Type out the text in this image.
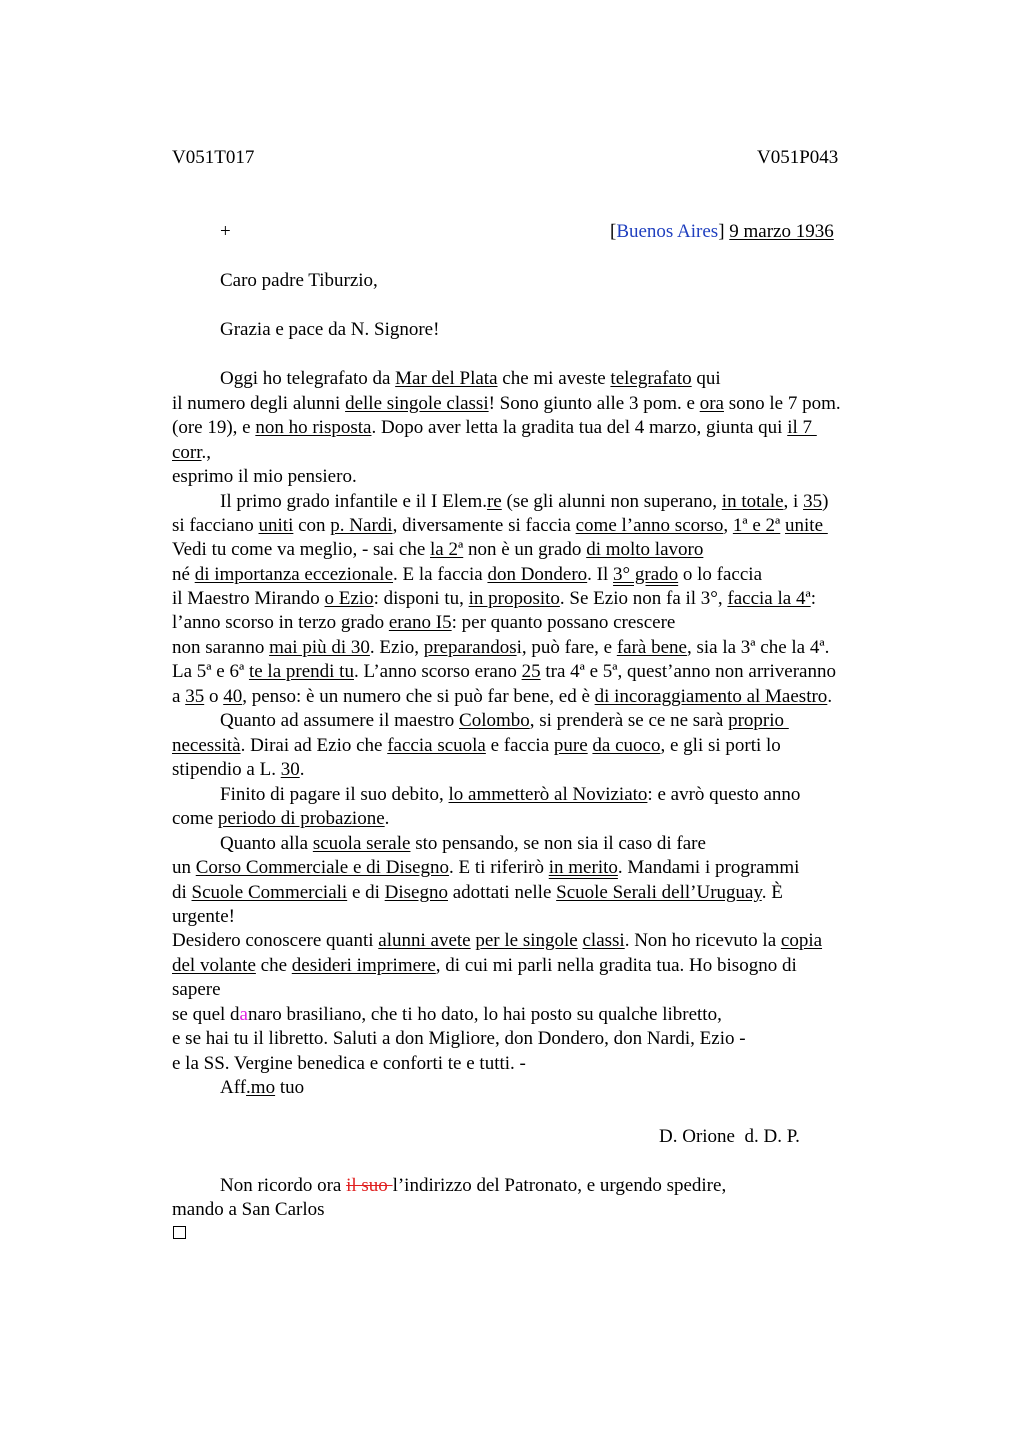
V051T017	V051P043
+	[Buenos Aires] 9 marzo 1936
Caro padre Tiburzio,
Grazia e pace da N. Signore!
Oggi ho telegrafato da Mar del Plata che mi aveste telegrafato qui
il numero degli alunni delle singole classi! Sono giunto alle 3 pom. e ora sono le 7 pom.
(ore 19), e non ho risposta. Dopo aver letta la gradita tua del 4 marzo, giunta qui il 7
corr.,
esprimo il mio pensiero.
Il primo grado infantile e il I Elem.re (se gli alunni non superano, in totale, i 35)
si facciano uniti con p. Nardi, diversamente si faccia come l’anno scorso, 1ª e 2ª unite
Vedi tu come va meglio, - sai che la 2ª non è un grado di molto lavoro
né di importanza eccezionale. E la faccia don Dondero. Il 3° grado o lo faccia
il Maestro Mirando o Ezio: disponi tu, in proposito. Se Ezio non fa il 3°, faccia la 4ª:
l’anno scorso in terzo grado erano I5: per quanto possano crescere
non saranno mai più di 30. Ezio, preparandosi, può fare, e farà bene, sia la 3ª che la 4ª.
La 5ª e 6ª te la prendi tu. L’anno scorso erano 25 tra 4ª e 5ª, quest’anno non arriveranno
a 35 o 40, penso: è un numero che si può far bene, ed è di incoraggiamento al Maestro.
Quanto ad assumere il maestro Colombo, si prenderà se ce ne sarà proprio
necessità. Dirai ad Ezio che faccia scuola e faccia pure da cuoco, e gli si porti lo
stipendio a L. 30.
Finito di pagare il suo debito, lo ammetterò al Noviziato: e avrò questo anno
come periodo di probazione.
Quanto alla scuola serale sto pensando, se non sia il caso di fare
un Corso Commerciale e di Disegno. E ti riferirò in merito. Mandami i programmi
di Scuole Commerciali e di Disegno adottati nelle Scuole Serali dell’Uruguay. È
urgente!
Desidero conoscere quanti alunni avete per le singole classi. Non ho ricevuto la copia
del volante che desideri imprimere, di cui mi parli nella gradita tua. Ho bisogno di
sapere
se quel danaro brasiliano, che ti ho dato, lo hai posto su qualche libretto,
e se hai tu il libretto. Saluti a don Migliore, don Dondero, don Nardi, Ezio -
e la SS. Vergine benedica e conforti te e tutti. -
Aff.mo tuo
D. Orione  d. D. P.
Non ricordo ora il suo l’indirizzo del Patronato, e urgendo spedire,
mando a San Carlos
